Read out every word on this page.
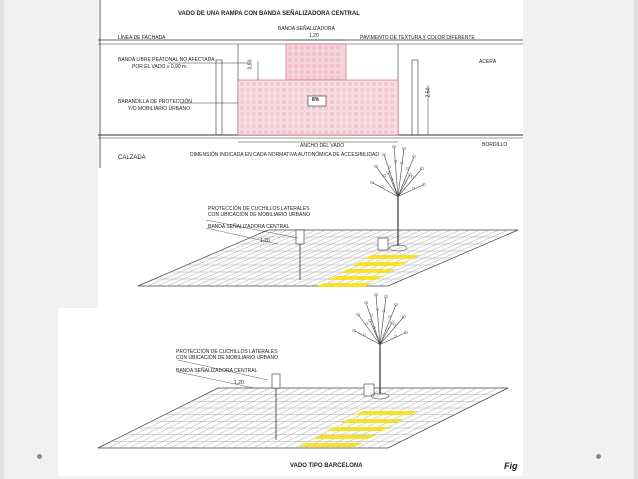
VADO DE UNA RAMPA CON BANDA SEÑALIZADORA CENTRAL
BANDA SEÑALIZADORA
1,20
LÍNEA DE FACHADA	PAVIMENTO DE TEXTURA Y COLOR DIFERENTE
BANDA LIBRE PEATONAL NO AFECTADA
POR EL VADO ≥ 0,90 m.
ACERA
BARANDILLA DE PROTECCIÓN
Y/O MOBILIARIO URBANO
8%
0,90
2,50
ANCHO DEL VADO	BORDILLO
CALZADA	DIMENSIÓN INDICADA EN CADA NORMATIVA AUTONÓMICA DE ACCESIBILIDAD
PROTECCIÓN DE CUCHILLOS LATERALES
CON UBICACIÓN DE MOBILIARIO URBANO
BANDA SEÑALIZADORA CENTRAL
1,20
PROTECCIÓN DE CUCHILLOS LATERALES
CON UBICACIÓN DE MOBILIARIO URBANO
BANDA SEÑALIZADORA CENTRAL
1,20
VADO TIPO BARCELONA	Fig
